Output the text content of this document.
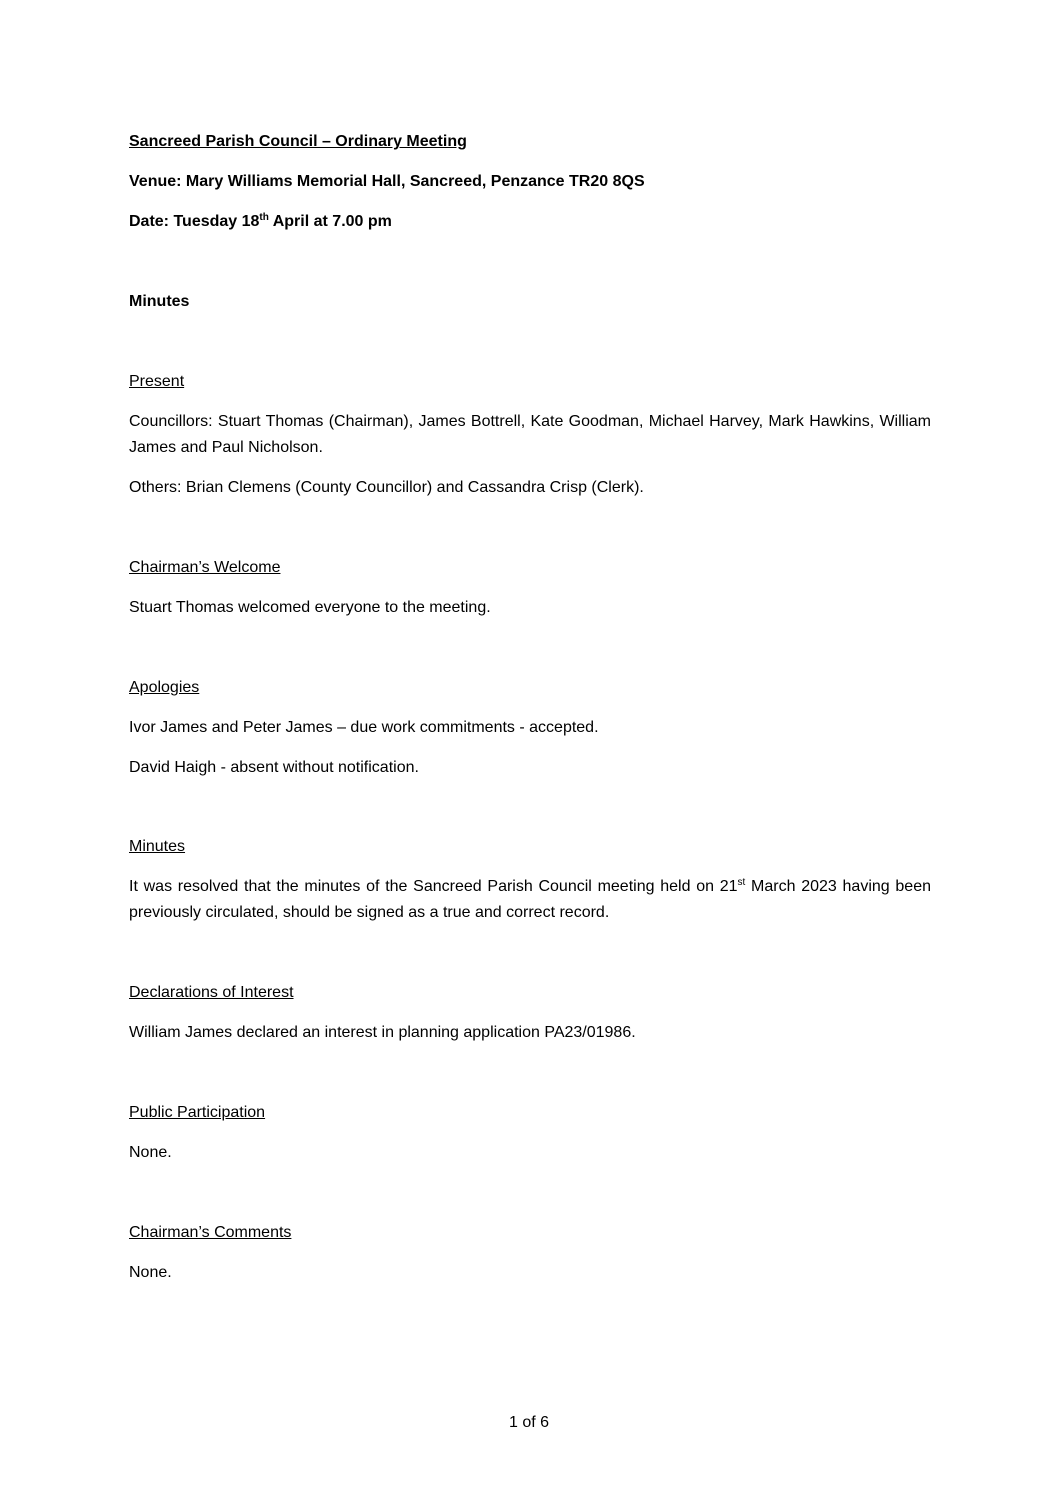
Sancreed Parish Council – Ordinary Meeting
Venue: Mary Williams Memorial Hall, Sancreed, Penzance TR20 8QS
Date: Tuesday 18th April at 7.00 pm
Minutes
Present
Councillors: Stuart Thomas (Chairman), James Bottrell, Kate Goodman, Michael Harvey, Mark Hawkins, William James and Paul Nicholson.
Others: Brian Clemens (County Councillor) and Cassandra Crisp (Clerk).
Chairman’s Welcome
Stuart Thomas welcomed everyone to the meeting.
Apologies
Ivor James and Peter James – due work commitments - accepted.
David Haigh - absent without notification.
Minutes
It was resolved that the minutes of the Sancreed Parish Council meeting held on 21st March 2023 having been previously circulated, should be signed as a true and correct record.
Declarations of Interest
William James declared an interest in planning application PA23/01986.
Public Participation
None.
Chairman’s Comments
None.
1 of 6
